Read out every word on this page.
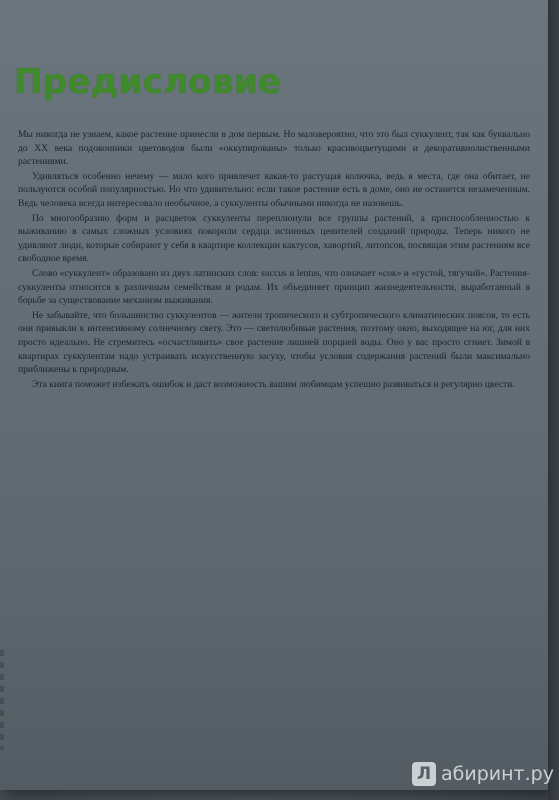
Предисловие

Мы никогда не узнаем, какое растение принесли в дом первым. Но маловероятно, что это был суккулент, так как буквально до XX века подоконники цветоводов были «оккупированы» только красивоцветущими и декоративнолиственными растениями.

Удивляться особенно нечему — мало кого привлечет какая-то растущая колючка, ведь в места, где она обитает, не пользуются особой популярностью. Но что удивительно: если такое растение есть в доме, оно не останется незамеченным. Ведь человека всегда интересовало необычное, а суккуленты обычными никогда не назовешь.

По многообразию форм и расцветок суккуленты переплюнули все группы растений, а приспособленностью к выживанию в самых сложных условиях покорили сердца истинных ценителей созданий природы. Теперь никого не удивляют люди, которые собирают у себя в квартире коллекции кактусов, хавортий, литопсов, посвящая этим растениям все свободное время.

Слово «суккулент» образовано из двух латинских слов: succus и lentus, что означает «сок» и «густой, тягучий». Растения-суккуленты относятся к различным семействам и родам. Их объединяет принцип жизнедеятельности, выработанный в борьбе за существование механизм выживания.

Не забывайте, что большинство суккулентов — жители тропического и субтропического климатических поясов, то есть они привыкли к интенсивному солнечному свету. Это — светолюбивые растения, поэтому окно, выходящее на юг, для них просто идеально. Не стремитесь «осчастливить» свое растение лишней порцией воды. Оно у вас просто сгниет. Зимой в квартирах суккулентам надо устраивать искусственную засуху, чтобы условия содержания растений были максимально приближены к природным.

Эта книга поможет избежать ошибок и даст возможность вашим любимцам успешно развиваться и регулярно цвести.

Л абиринт.ру
